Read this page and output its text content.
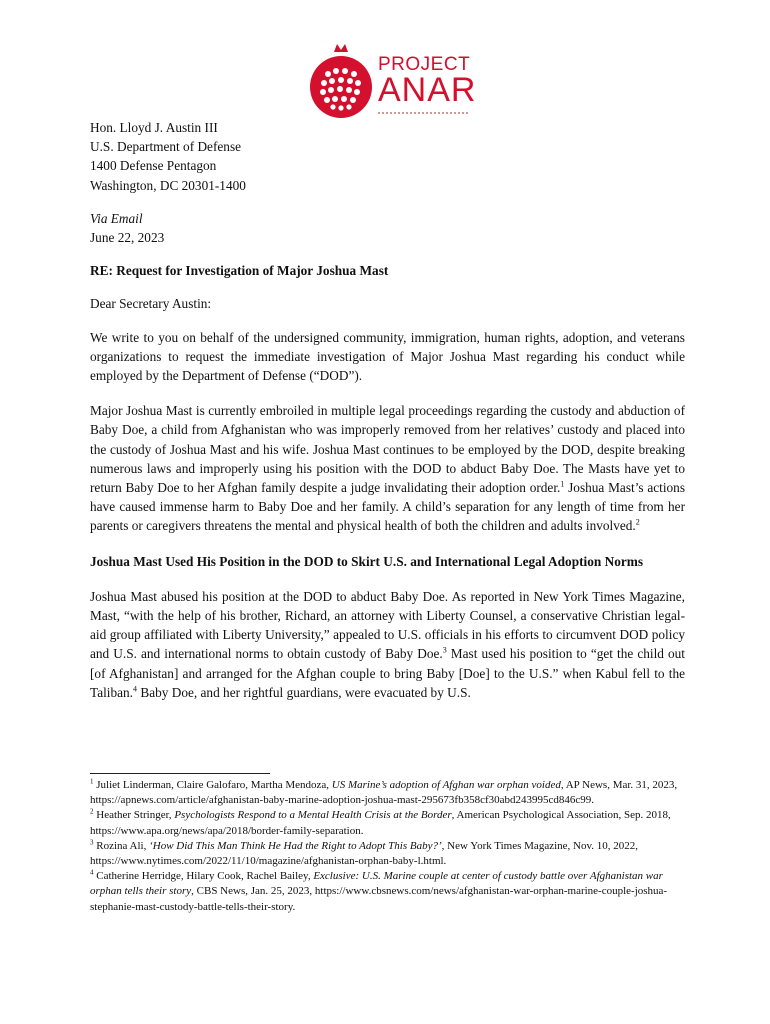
PROJECT
ANAR

Hon. Lloyd J. Austin III

U.S. Department of Defense

1400 Defense Pentagon

Washington, DC 20301-1400

Via Email

June 22, 2023

RE: Request for Investigation of Major Joshua Mast

Dear Secretary Austin:

We write to you on behalf of the undersigned community, immigration, human rights, adoption, and veterans organizations to request the immediate investigation of Major Joshua Mast regarding his conduct while employed by the Department of Defense (“DOD”).

Major Joshua Mast is currently embroiled in multiple legal proceedings regarding the custody and abduction of Baby Doe, a child from Afghanistan who was improperly removed from her relatives’ custody and placed into the custody of Joshua Mast and his wife. Joshua Mast continues to be employed by the DOD, despite breaking numerous laws and improperly using his position with the DOD to abduct Baby Doe. The Masts have yet to return Baby Doe to her Afghan family despite a judge invalidating their adoption order.$^1$ Joshua Mast’s actions have caused immense harm to Baby Doe and her family. A child’s separation for any length of time from her parents or caregivers threatens the mental and physical health of both the children and adults involved.$^2$

Joshua Mast Used His Position in the DOD to Skirt U.S. and International Legal Adoption Norms

Joshua Mast abused his position at the DOD to abduct Baby Doe. As reported in New York Times Magazine, Mast, “with the help of his brother, Richard, an attorney with Liberty Counsel, a conservative Christian legal-aid group affiliated with Liberty University,” appealed to U.S. officials in his efforts to circumvent DOD policy and U.S. and international norms to obtain custody of Baby Doe.$^3$ Mast used his position to “get the child out [of Afghanistan] and arranged for the Afghan couple to bring Baby [Doe] to the U.S.” when Kabul fell to the Taliban.$^4$ Baby Doe, and her rightful guardians, were evacuated by U.S.

$^1$ Juliet Linderman, Claire Galofaro, Martha Mendoza, US Marine’s adoption of Afghan war orphan voided, AP News, Mar. 31, 2023, https://apnews.com/article/afghanistan-baby-marine-adoption-joshua-mast-295673fb358cf30abd243995cd846c99.

$^2$ Heather Stringer, Psychologists Respond to a Mental Health Crisis at the Border, American Psychological Association, Sep. 2018, https://www.apa.org/news/apa/2018/border-family-separation.

$^3$ Rozina Ali, ‘How Did This Man Think He Had the Right to Adopt This Baby?’, New York Times Magazine, Nov. 10, 2022, https://www.nytimes.com/2022/11/10/magazine/afghanistan-orphan-baby-l.html.

$^4$ Catherine Herridge, Hilary Cook, Rachel Bailey, Exclusive: U.S. Marine couple at center of custody battle over Afghanistan war orphan tells their story, CBS News, Jan. 25, 2023, https://www.cbsnews.com/news/afghanistan-war-orphan-marine-couple-joshua-stephanie-mast-custody-battle-tells-their-story.
